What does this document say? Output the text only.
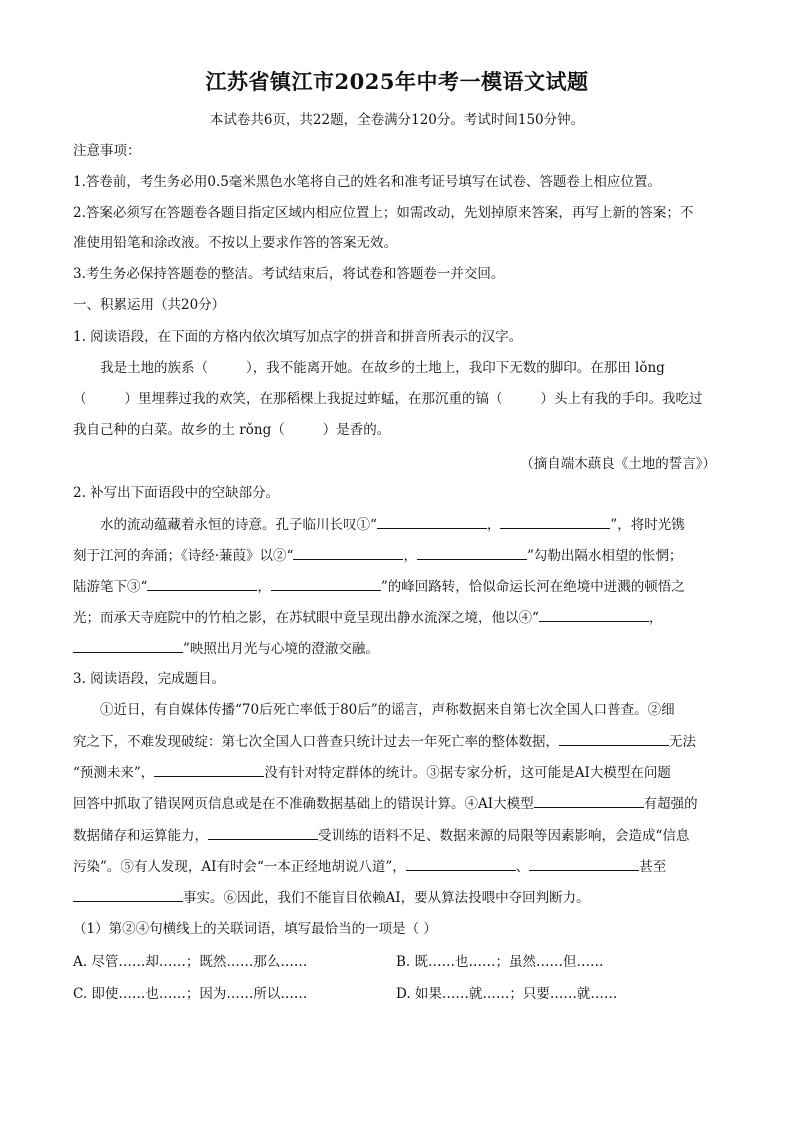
江苏省镇江市2025年中考一模语文试题
本试卷共6页，共22题，全卷满分120分。考试时间150分钟。
注意事项：
1.答卷前，考生务必用0.5毫米黑色水笔将自己的姓名和准考证号填写在试卷、答题卷上相应位置。
2.答案必须写在答题卷各题目指定区域内相应位置上；如需改动，先划掉原来答案，再写上新的答案；不
准使用铅笔和涂改液。不按以上要求作答的答案无效。
3.考生务必保持答题卷的整洁。考试结束后，将试卷和答题卷一并交回。
一、积累运用（共20分）
1. 阅读语段，在下面的方格内依次填写加点字的拼音和拼音所表示的汉字。
我是土地的族系（	），我不能离开她。在故乡的土地上，我印下无数的脚印。在那田 lǒng
（	）里埋葬过我的欢笑，在那稻棵上我捉过蚱蜢，在那沉重的镐（	）头上有我的手印。我吃过
我自己种的白菜。故乡的土 rǒng（	）是香的。
（摘自端木蕻良《土地的誓言》）
2. 补写出下面语段中的空缺部分。
水的流动蕴藏着永恒的诗意。孔子临川长叹①“	，	”，将时光镌
刻于江河的奔涌；《诗经·蒹葭》以②“	，	”勾勒出隔水相望的怅惘；
陆游笔下③“	，	”的峰回路转，恰似命运长河在绝境中迸溅的顿悟之
光；而承天寺庭院中的竹柏之影，在苏轼眼中竟呈现出静水流深之境，他以④“	，
”映照出月光与心境的澄澈交融。
3. 阅读语段，完成题目。
①近日，有自媒体传播“70后死亡率低于80后”的谣言，声称数据来自第七次全国人口普查。②细
究之下，不难发现破绽：第七次全国人口普查只统计过去一年死亡率的整体数据，	无法
“预测未来”，	没有针对特定群体的统计。③据专家分析，这可能是AI大模型在问题
回答中抓取了错误网页信息或是在不准确数据基础上的错误计算。④AI大模型	有超强的
数据储存和运算能力，	受训练的语料不足、数据来源的局限等因素影响，会造成“信息
污染”。⑤有人发现，AI有时会“一本正经地胡说八道”，	、	甚至
事实。⑥因此，我们不能盲目依赖AI，要从算法投喂中夺回判断力。
（1）第②④句横线上的关联词语，填写最恰当的一项是（ ）
A. 尽管……却……；既然……那么……	B. 既……也……；虽然……但……
C. 即使……也……；因为……所以……	D. 如果……就……；只要……就……
